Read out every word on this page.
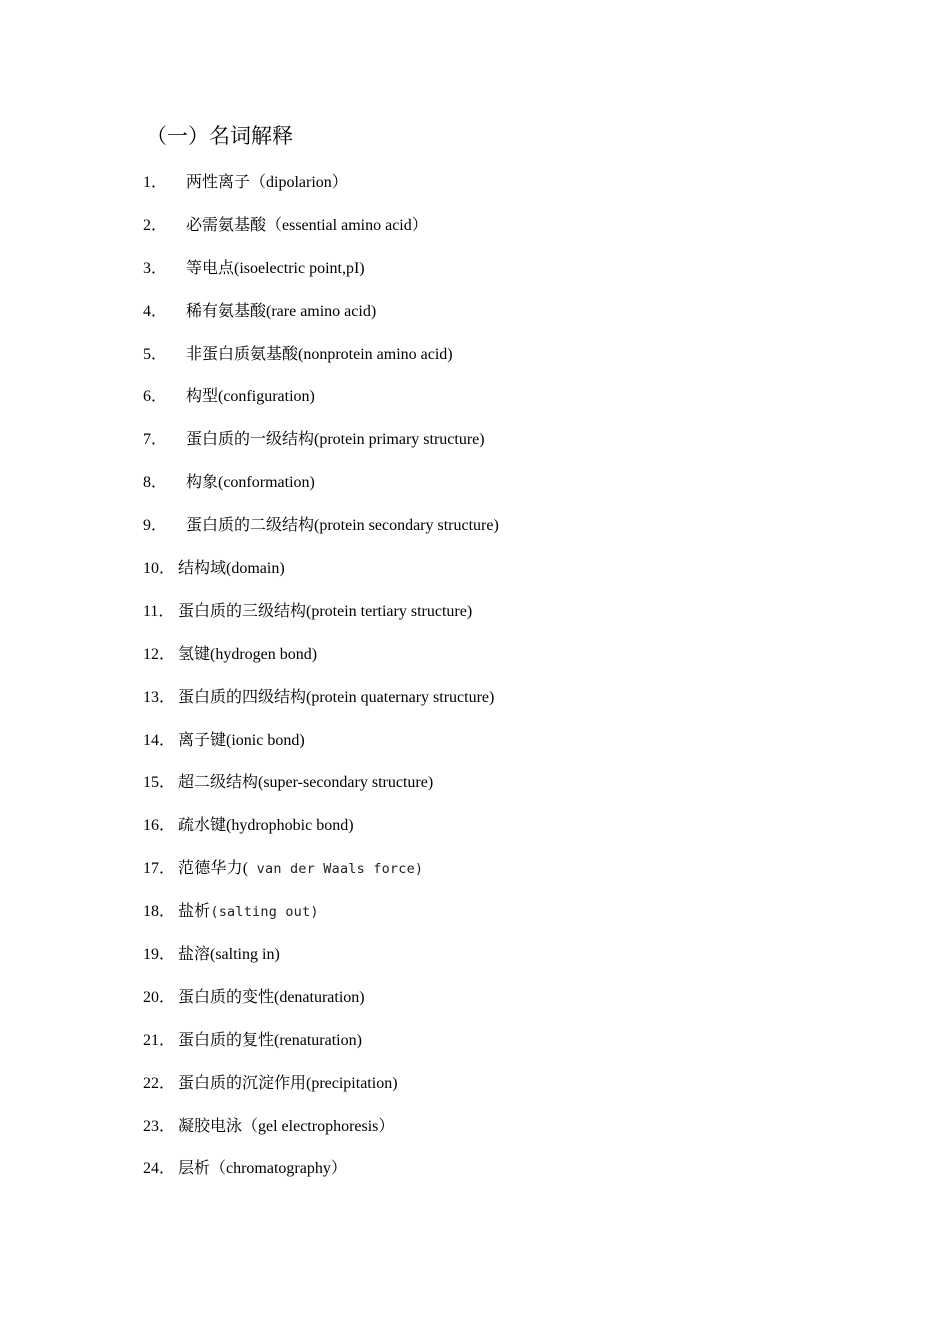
（一）名词解释
1．	两性离子（dipolarion）
2．	必需氨基酸（essential amino acid）
3．	等电点(isoelectric point,pI)
4．	稀有氨基酸(rare amino acid)
5．	非蛋白质氨基酸(nonprotein amino acid)
6．	构型(configuration)
7．	蛋白质的一级结构(protein primary structure)
8．	构象(conformation)
9．	蛋白质的二级结构(protein secondary structure)
10． 结构域(domain)
11． 蛋白质的三级结构(protein tertiary structure)
12． 氢键(hydrogen bond)
13． 蛋白质的四级结构(protein quaternary structure)
14． 离子键(ionic bond)
15． 超二级结构(super-secondary structure)
16． 疏水键(hydrophobic bond)
17． 范德华力( van der Waals force)
18． 盐析(salting out)
19． 盐溶(salting in)
20． 蛋白质的变性(denaturation)
21． 蛋白质的复性(renaturation)
22． 蛋白质的沉淀作用(precipitation)
23． 凝胶电泳（gel electrophoresis）
24． 层析（chromatography）
